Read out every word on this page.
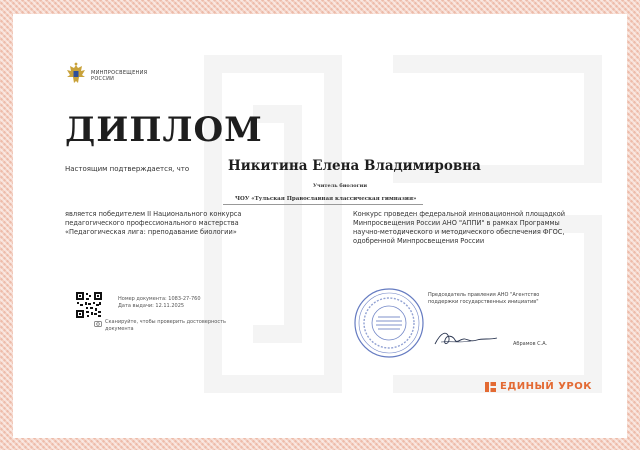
МИНПРОСВЕЩЕНИЯ
РОССИИ
ДИПЛОМ
Настоящим подтверждается, что	Никитина Елена Владимировна
Учитель биологии
ЧОУ «Тульская Православная классическая гимназия»
является победителем II Национального конкурса педагогического профессионального мастерства «Педагогическая лига: преподавание биологии»
Конкурс проведен федеральной инновационной площадкой Минпросвещения России АНО "АППИ" в рамках Программы научно-методического и методического обеспечения ФГОС, одобренной Минпросвещения России
Номер документа: 1083-27-760
Дата выдачи: 12.11.2025
Сканируйте, чтобы проверить достоверность документа
Председатель правления АНО "Агентство поддержки государственных инициатив"
Абрамов С.А.
ЕДИНЫЙ УРОК
